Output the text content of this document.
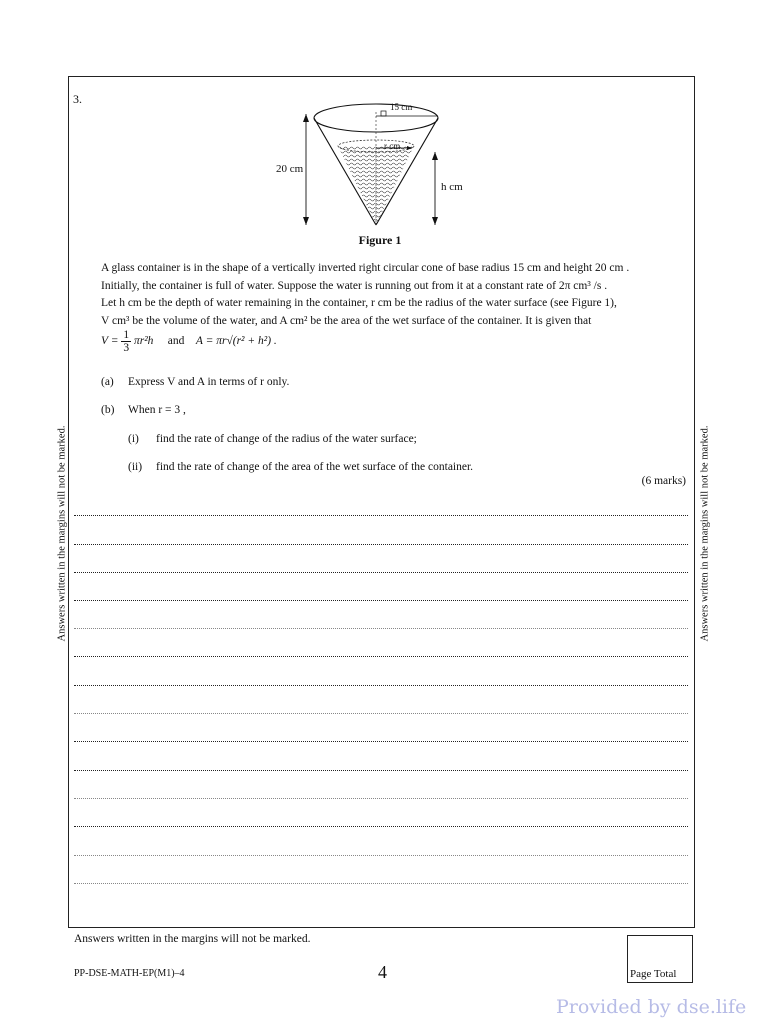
3.
15 cm
r cm
20 cm
h cm
Figure 1
A glass container is in the shape of a vertically inverted right circular cone of base radius 15 cm and height 20 cm .
Initially, the container is full of water. Suppose the water is running out from it at a constant rate of 2π cm³ /s .
Let h cm be the depth of water remaining in the container, r cm be the radius of the water surface (see Figure 1),
V cm³ be the volume of the water, and A cm² be the area of the wet surface of the container. It is given that
$V = \frac{1}{3} \pi r^2h$ and A = πr√(r² + h²) .
(a) Express V and A in terms of r only.
(b) When r = 3 ,
(i) find the rate of change of the radius of the water surface;
(ii) find the rate of change of the area of the wet surface of the container.
(6 marks)
Answers written in the margins will not be marked.	Answers written in the margins will not be marked.
Answers written in the margins will not be marked.
PP-DSE-MATH-EP(M1)–4	4	Page Total
Provided by dse.life
